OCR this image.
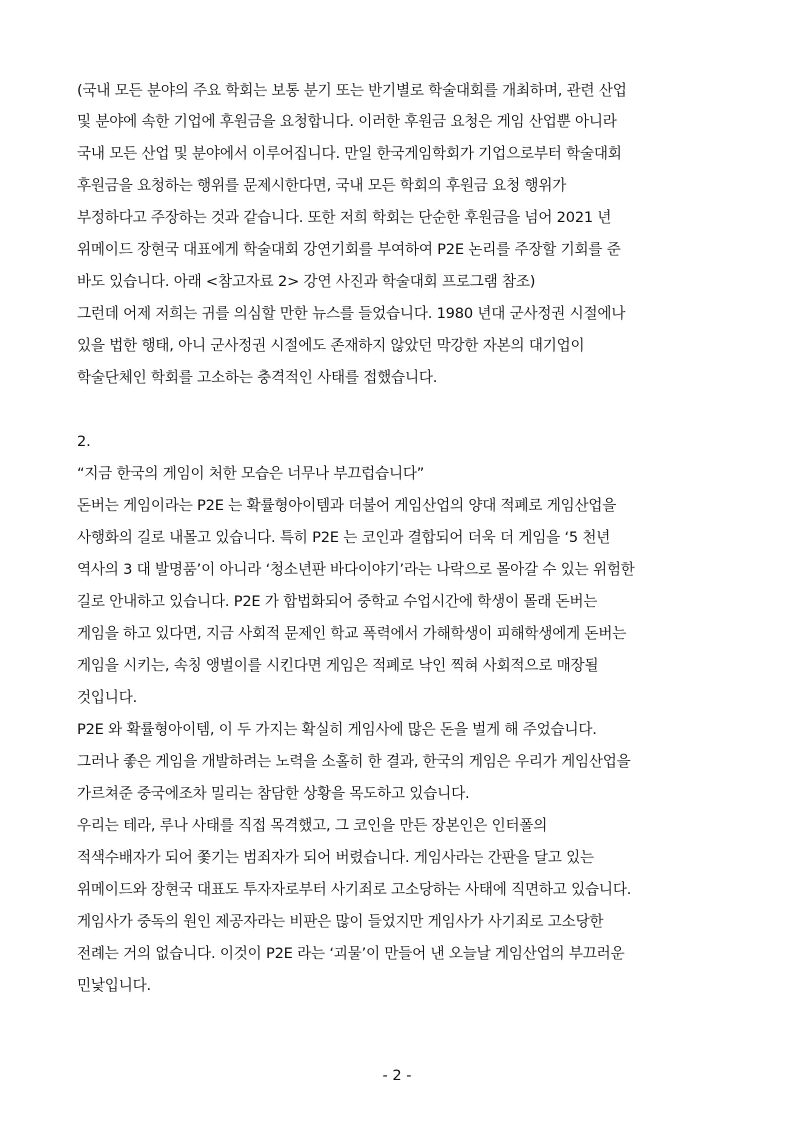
(국내 모든 분야의 주요 학회는 보통 분기 또는 반기별로 학술대회를 개최하며, 관련 산업
및 분야에 속한 기업에 후원금을 요청합니다. 이러한 후원금 요청은 게임 산업뿐 아니라
국내 모든 산업 및 분야에서 이루어집니다. 만일 한국게임학회가 기업으로부터 학술대회
후원금을 요청하는 행위를 문제시한다면, 국내 모든 학회의 후원금 요청 행위가
부정하다고 주장하는 것과 같습니다. 또한 저희 학회는 단순한 후원금을 넘어 2021 년
위메이드 장현국 대표에게 학술대회 강연기회를 부여하여 P2E 논리를 주장할 기회를 준
바도 있습니다. 아래 <참고자료 2> 강연 사진과 학술대회 프로그램 참조)
그런데 어제 저희는 귀를 의심할 만한 뉴스를 들었습니다. 1980 년대 군사정권 시절에나
있을 법한 행태, 아니 군사정권 시절에도 존재하지 않았던 막강한 자본의 대기업이
학술단체인 학회를 고소하는 충격적인 사태를 접했습니다.
2.
“지금 한국의 게임이 처한 모습은 너무나 부끄럽습니다”
돈버는 게임이라는 P2E 는 확률형아이템과 더불어 게임산업의 양대 적폐로 게임산업을
사행화의 길로 내몰고 있습니다. 특히 P2E 는 코인과 결합되어 더욱 더 게임을 ‘5 천년
역사의 3 대 발명품’이 아니라 ‘청소년판 바다이야기’라는 나락으로 몰아갈 수 있는 위험한
길로 안내하고 있습니다. P2E 가 합법화되어 중학교 수업시간에 학생이 몰래 돈버는
게임을 하고 있다면, 지금 사회적 문제인 학교 폭력에서 가해학생이 피해학생에게 돈버는
게임을 시키는, 속칭 앵벌이를 시킨다면 게임은 적폐로 낙인 찍혀 사회적으로 매장될
것입니다.
P2E 와 확률형아이템, 이 두 가지는 확실히 게임사에 많은 돈을 벌게 해 주었습니다.
그러나 좋은 게임을 개발하려는 노력을 소홀히 한 결과, 한국의 게임은 우리가 게임산업을
가르쳐준 중국에조차 밀리는 참담한 상황을 목도하고 있습니다.
우리는 테라, 루나 사태를 직접 목격했고, 그 코인을 만든 장본인은 인터폴의
적색수배자가 되어 쫓기는 범죄자가 되어 버렸습니다. 게임사라는 간판을 달고 있는
위메이드와 장현국 대표도 투자자로부터 사기죄로 고소당하는 사태에 직면하고 있습니다.
게임사가 중독의 원인 제공자라는 비판은 많이 들었지만 게임사가 사기죄로 고소당한
전례는 거의 없습니다. 이것이 P2E 라는 ‘괴물’이 만들어 낸 오늘날 게임산업의 부끄러운
민낯입니다.
- 2 -
